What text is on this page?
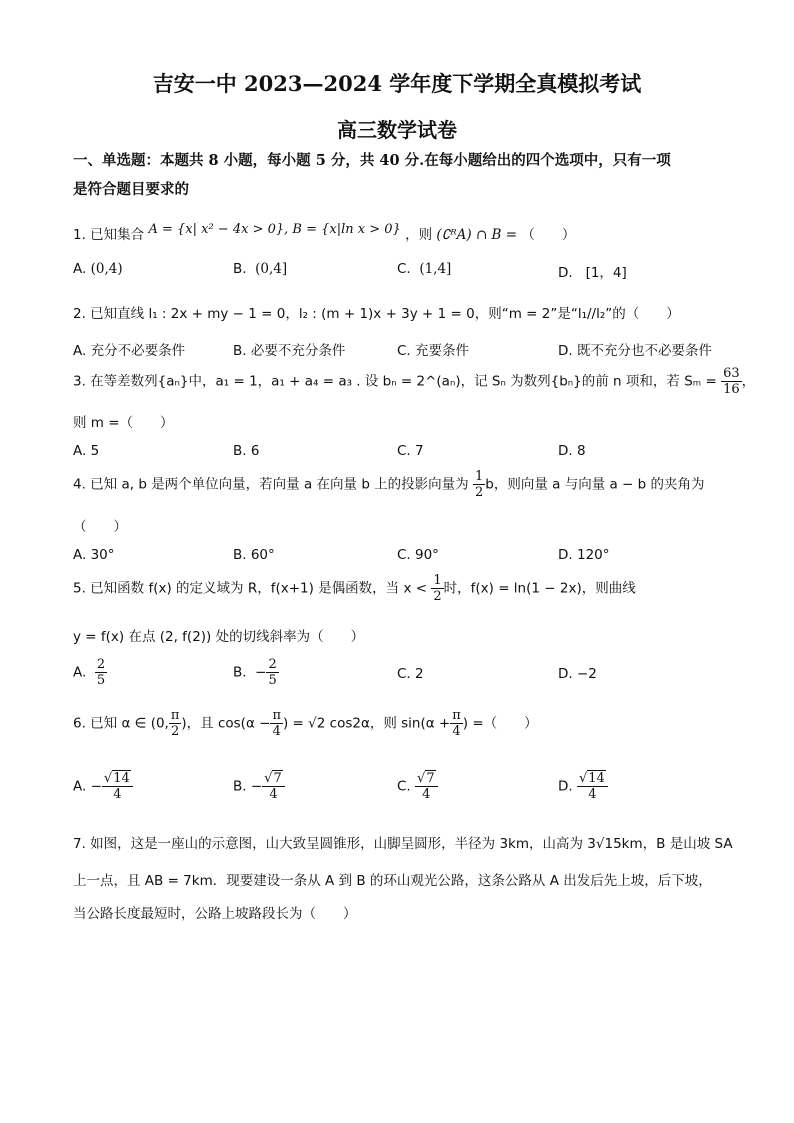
吉安一中 2023—2024 学年度下学期全真模拟考试
高三数学试卷
一、单选题：本题共 8 小题，每小题 5 分，共 40 分.在每小题给出的四个选项中，只有一项
是符合题目要求的
1. 已知集合 A = {x| x² − 4x > 0}, B = {x|ln x > 0} ，则 (∁ᴿA) ∩ B = （　　）
A. (0,4)	B. (0,4]	C. (1,4]	D. [1，4]
2. 已知直线 l₁ : 2x + my − 1 = 0，l₂ : (m + 1)x + 3y + 1 = 0，则“m = 2”是“l₁//l₂”的（　　）
A. 充分不必要条件	B. 必要不充分条件	C. 充要条件	D. 既不充分也不必要条件
3. 在等差数列{aₙ}中，a₁ = 1，a₁ + a₄ = a₃ . 设 bₙ = 2^(aₙ)，记 Sₙ 为数列{bₙ}的前 n 项和，若 $S_m = \frac{63}{16}$ ，
则 m =（　　）
A. 5	B. 6	C. 7	D. 8
4. 已知 a, b 是两个单位向量，若向量 a 在向量 b 上的投影向量为 $\frac{1}{2}$ b，则向量 a 与向量 a − b 的夹角为
（　　）
A. 30°	B. 60°	C. 90°	D. 120°
5. 已知函数 f(x) 的定义域为 R，f(x+1) 是偶函数，当 $x < \frac{1}{2}$ 时，f(x) = ln(1 − 2x)，则曲线
y = f(x) 在点 (2, f(2)) 处的切线斜率为（　　）
A. $\frac{2}{5}$	B. − $\frac{2}{5}$	C. 2	D. −2
6. 已知 α ∈ (0, $\frac{\pi}{2}$ )，且 $\cos(\alpha - \frac{\pi}{4}$ ) = √2 cos2α，则 $\sin(\alpha + \frac{\pi}{4}$ ) =（　　）
A. − $\frac{√14}{4}$	B. − $\frac{√7}{4}$	C. $\frac{√7}{4}$	D. $\frac{√14}{4}$
7. 如图，这是一座山的示意图，山大致呈圆锥形，山脚呈圆形，半径为 3km，山高为 3√15km，B 是山坡 SA
上一点，且 AB = 7km．现要建设一条从 A 到 B 的环山观光公路，这条公路从 A 出发后先上坡，后下坡，
当公路长度最短时，公路上坡路段长为（　　）
